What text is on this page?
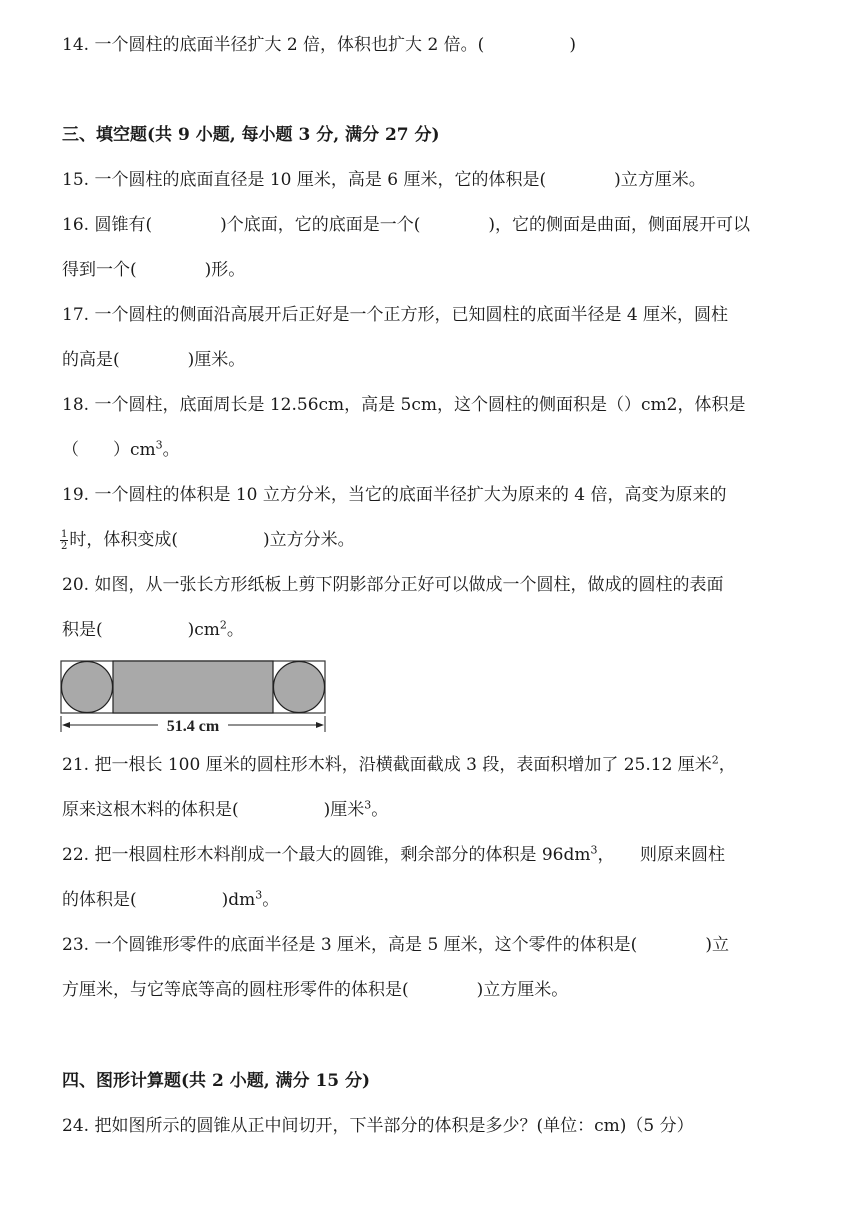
14. 一个圆柱的底面半径扩大 2 倍，体积也扩大 2 倍。(　　　　　)
三、填空题(共 9 小题, 每小题 3 分, 满分 27 分)
15. 一个圆柱的底面直径是 10 厘米，高是 6 厘米，它的体积是(　　　　)立方厘米。
16. 圆锥有(　　　　)个底面，它的底面是一个(　　　　)，它的侧面是曲面，侧面展开可以
得到一个(　　　　)形。
17. 一个圆柱的侧面沿高展开后正好是一个正方形，已知圆柱的底面半径是 4 厘米，圆柱
的高是(　　　　)厘米。
18. 一个圆柱，底面周长是 12.56cm，高是 5cm，这个圆柱的侧面积是（）cm2，体积是
（　　）$cm^3$。
19. 一个圆柱的体积是 10 立方分米，当它的底面半径扩大为原来的 4 倍，高变为原来的
$\frac{1}{2}$ 时，体积变成(　　　　　)立方分米。
20. 如图，从一张长方形纸板上剪下阴影部分正好可以做成一个圆柱，做成的圆柱的表面
积是(　　　　　)$cm^2$。
51.4 cm
21. 把一根长 100 厘米的圆柱形木料，沿横截面截成 3 段，表面积增加了 25.12 厘米$^2$，
原来这根木料的体积是(　　　　　)厘米$^3$。
22. 把一根圆柱形木料削成一个最大的圆锥，剩余部分的体积是 $96dm^3$，　　则原来圆柱
的体积是(　　　　　)$dm^3$。
23. 一个圆锥形零件的底面半径是 3 厘米，高是 5 厘米，这个零件的体积是(　　　　)立
方厘米，与它等底等高的圆柱形零件的体积是(　　　　)立方厘米。
四、图形计算题(共 2 小题, 满分 15 分)
24. 把如图所示的圆锥从正中间切开，下半部分的体积是多少？(单位：cm)（5 分）
